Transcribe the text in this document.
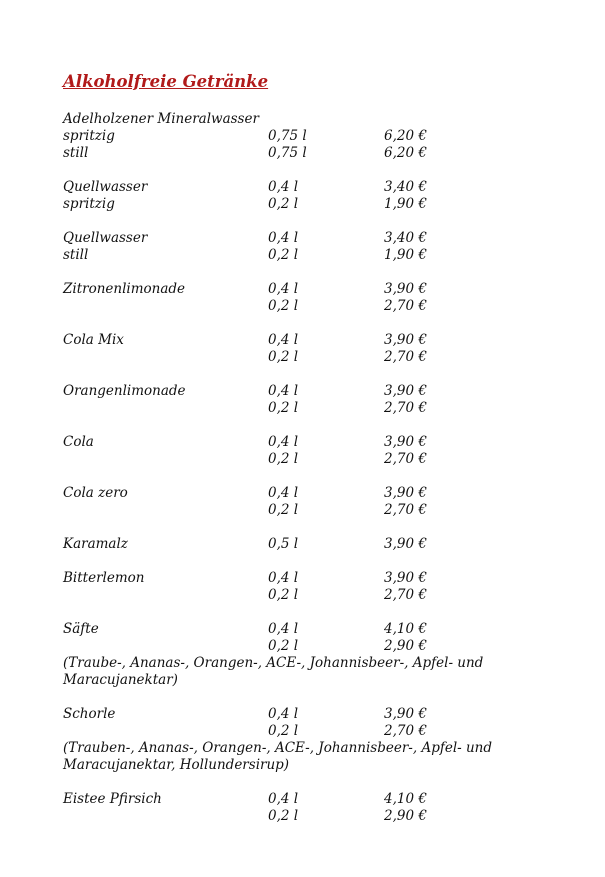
Alkoholfreie Getränke
Adelholzener Mineralwasser
spritzig	0,75 l	6,20 €
still	0,75 l	6,20 €
Quellwasser	0,4 l	3,40 €
spritzig	0,2 l	1,90 €
Quellwasser	0,4 l	3,40 €
still	0,2 l	1,90 €
Zitronenlimonade	0,4 l	3,90 €
0,2 l	2,70 €
Cola Mix	0,4 l	3,90 €
0,2 l	2,70 €
Orangenlimonade	0,4 l	3,90 €
0,2 l	2,70 €
Cola	0,4 l	3,90 €
0,2 l	2,70 €
Cola zero	0,4 l	3,90 €
0,2 l	2,70 €
Karamalz	0,5 l	3,90 €
Bitterlemon	0,4 l	3,90 €
0,2 l	2,70 €
Säfte	0,4 l	4,10 €
0,2 l	2,90 €
(Traube-, Ananas-, Orangen-, ACE-, Johannisbeer-, Apfel- und Maracujanektar)
Schorle	0,4 l	3,90 €
0,2 l	2,70 €
(Trauben-, Ananas-, Orangen-, ACE-, Johannisbeer-, Apfel- und Maracujanektar, Hollundersirup)
Eistee Pfirsich	0,4 l	4,10 €
0,2 l	2,90 €
